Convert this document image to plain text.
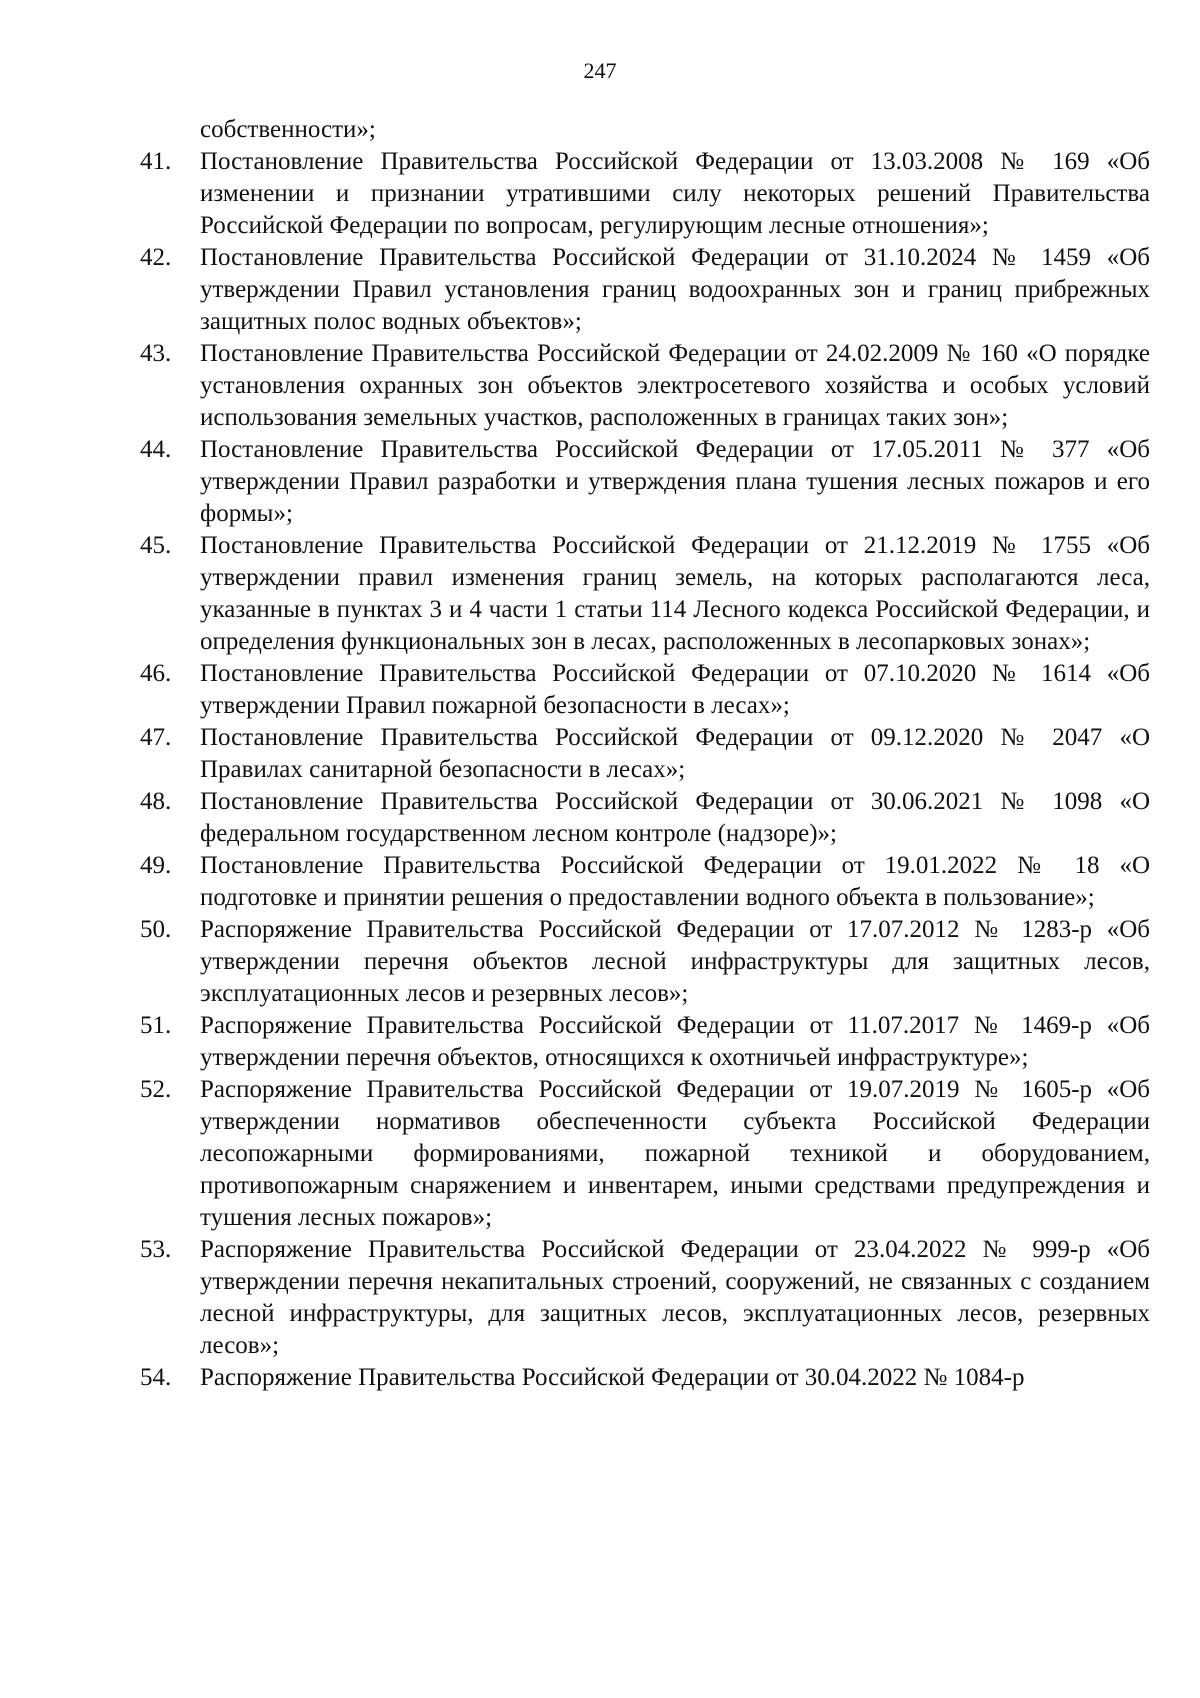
247
собственности»;
41.	Постановление Правительства Российской Федерации от 13.03.2008 № 169 «Об изменении и признании утратившими силу некоторых решений Правительства Российской Федерации по вопросам, регулирующим лесные отношения»;
42.	Постановление Правительства Российской Федерации от 31.10.2024 № 1459 «Об утверждении Правил установления границ водоохранных зон и границ прибрежных защитных полос водных объектов»;
43.	Постановление Правительства Российской Федерации от 24.02.2009 № 160 «О порядке установления охранных зон объектов электросетевого хозяйства и особых условий использования земельных участков, расположенных в границах таких зон»;
44.	Постановление Правительства Российской Федерации от 17.05.2011 № 377 «Об утверждении Правил разработки и утверждения плана тушения лесных пожаров и его формы»;
45.	Постановление Правительства Российской Федерации от 21.12.2019 № 1755 «Об утверждении правил изменения границ земель, на которых располагаются леса, указанные в пунктах 3 и 4 части 1 статьи 114 Лесного кодекса Российской Федерации, и определения функциональных зон в лесах, расположенных в лесопарковых зонах»;
46.	Постановление Правительства Российской Федерации от 07.10.2020 № 1614 «Об утверждении Правил пожарной безопасности в лесах»;
47.	Постановление Правительства Российской Федерации от 09.12.2020 № 2047 «О Правилах санитарной безопасности в лесах»;
48.	Постановление Правительства Российской Федерации от 30.06.2021 № 1098 «О федеральном государственном лесном контроле (надзоре)»;
49.	Постановление Правительства Российской Федерации от 19.01.2022 № 18 «О подготовке и принятии решения о предоставлении водного объекта в пользование»;
50.	Распоряжение Правительства Российской Федерации от 17.07.2012 № 1283-р «Об утверждении перечня объектов лесной инфраструктуры для защитных лесов, эксплуатационных лесов и резервных лесов»;
51.	Распоряжение Правительства Российской Федерации от 11.07.2017 № 1469-р «Об утверждении перечня объектов, относящихся к охотничьей инфраструктуре»;
52.	Распоряжение Правительства Российской Федерации от 19.07.2019 № 1605-р «Об утверждении нормативов обеспеченности субъекта Российской Федерации лесопожарными формированиями, пожарной техникой и оборудованием, противопожарным снаряжением и инвентарем, иными средствами предупреждения и тушения лесных пожаров»;
53.	Распоряжение Правительства Российской Федерации от 23.04.2022 № 999-р «Об утверждении перечня некапитальных строений, сооружений, не связанных с созданием лесной инфраструктуры, для защитных лесов, эксплуатационных лесов, резервных лесов»;
54.	Распоряжение Правительства Российской Федерации от 30.04.2022 № 1084-р
